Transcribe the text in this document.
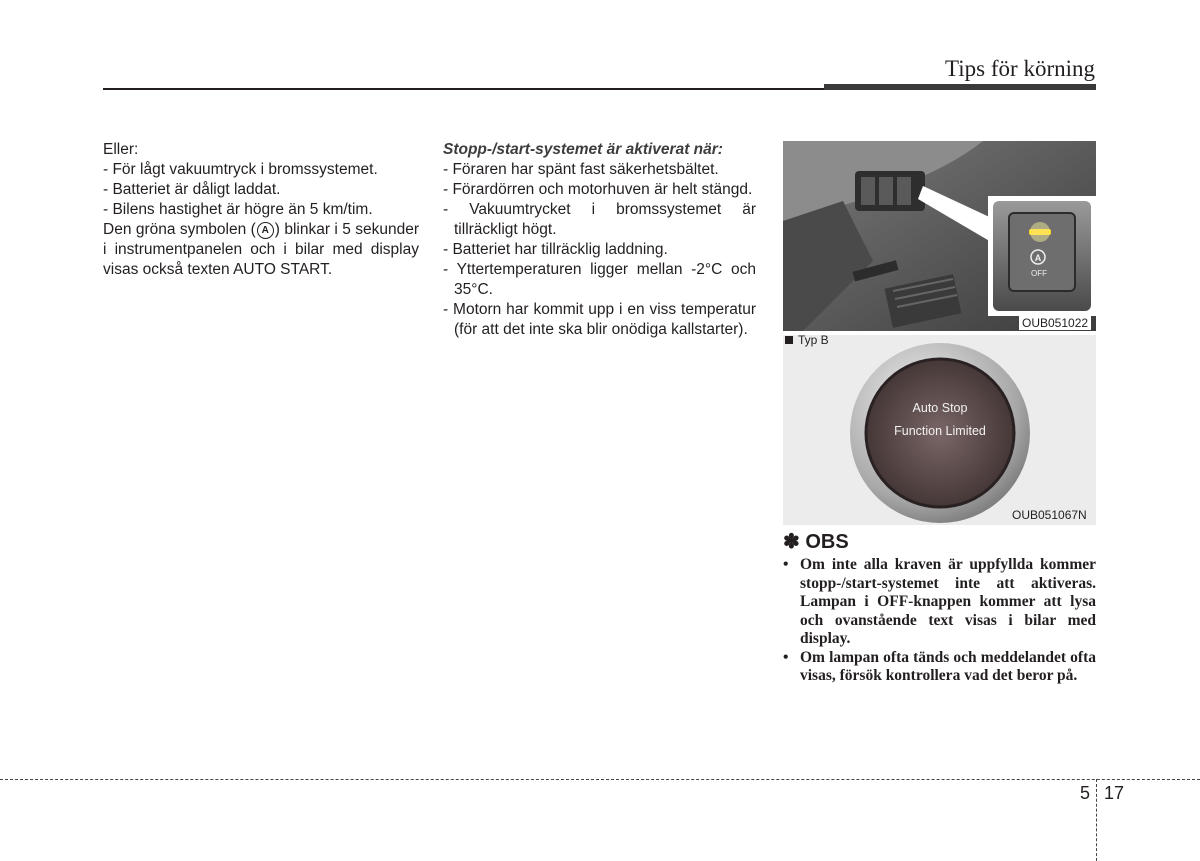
Tips för körning

Eller:

- För lågt vakuumtryck i bromssystemet.

- Batteriet är dåligt laddat.

- Bilens hastighet är högre än 5 km/tim.

Den gröna symbolen ( A ) blinkar i 5 sekunder i instrumentpanelen och i bilar med display visas också texten AUTO START.

Stopp-/start-systemet är aktiverat när:

- Föraren har spänt fast säkerhetsbältet.

- Förardörren och motorhuven är helt stängd.

- Vakuumtrycket i bromssystemet är tillräckligt högt.

- Batteriet har tillräcklig laddning.

- Yttertemperaturen ligger mellan -2°C och 35°C.

- Motorn har kommit upp i en viss temperatur (för att det inte ska blir onödiga kallstarter).

A
OFF
OUB051022
Auto Stop
Function Limited
Typ B
OUB051067N
✽ OBS
• Om inte alla kraven är uppfyllda kommer stopp-/start-systemet inte att aktiveras. Lampan i OFF-knappen kommer att lysa och ovanstående text visas i bilar med display.
• Om lampan ofta tänds och meddelandet ofta visas, försök kontrollera vad det beror på.
5 17
